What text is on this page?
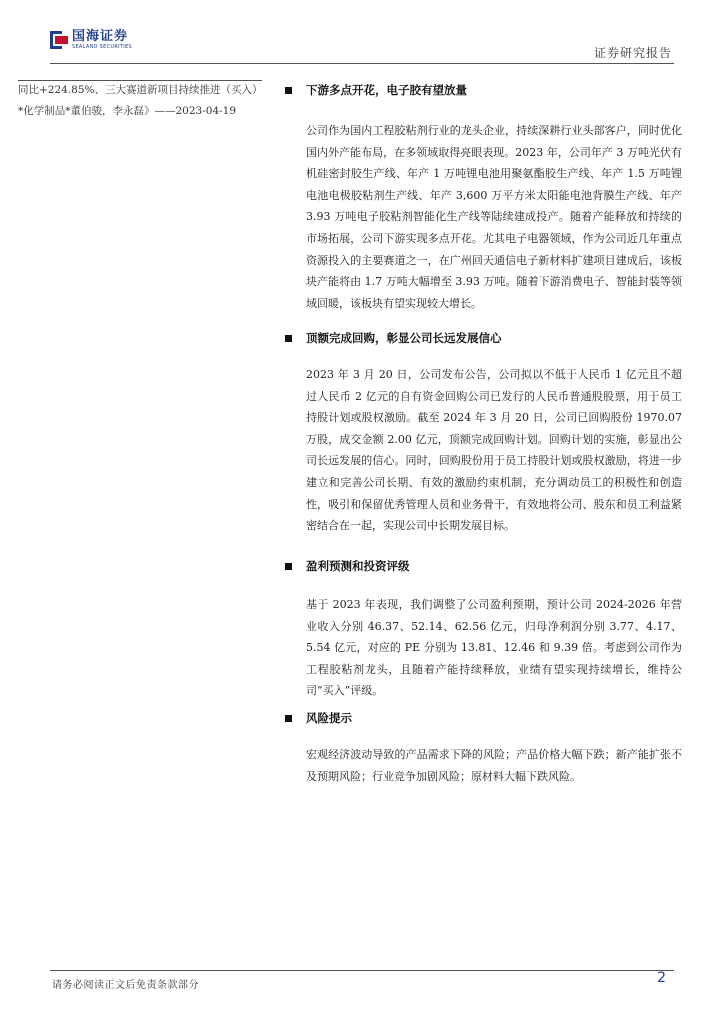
国海证券
SEALAND SECURITIES	证券研究报告
同比+224.85%、三大赛道新项目持续推进（买入）
*化学制品*董伯骏，李永磊》——2023-04-19
下游多点开花，电子胶有望放量
公司作为国内工程胶粘剂行业的龙头企业，持续深耕行业头部客户，同时优化国内外产能布局，在多领域取得亮眼表现。2023 年，公司年产 3 万吨光伏有机硅密封胶生产线、年产 1 万吨锂电池用聚氨酯胶生产线、年产 1.5 万吨锂电池电极胶粘剂生产线、年产 3,600 万平方米太阳能电池背膜生产线、年产 3.93 万吨电子胶粘剂智能化生产线等陆续建成投产。随着产能释放和持续的市场拓展，公司下游实现多点开花。尤其电子电器领域，作为公司近几年重点资源投入的主要赛道之一，在广州回天通信电子新材料扩建项目建成后，该板块产能将由 1.7 万吨大幅增至 3.93 万吨。随着下游消费电子、智能封装等领域回暖，该板块有望实现较大增长。
顶额完成回购，彰显公司长远发展信心
2023 年 3 月 20 日，公司发布公告，公司拟以不低于人民币 1 亿元且不超过人民币 2 亿元的自有资金回购公司已发行的人民币普通股股票，用于员工持股计划或股权激励。截至 2024 年 3 月 20 日，公司已回购股份 1970.07 万股，成交金额 2.00 亿元，顶额完成回购计划。回购计划的实施，彰显出公司长远发展的信心。同时，回购股份用于员工持股计划或股权激励，将进一步建立和完善公司长期、有效的激励约束机制，充分调动员工的积极性和创造性，吸引和保留优秀管理人员和业务骨干，有效地将公司、股东和员工利益紧密结合在一起，实现公司中长期发展目标。
盈利预测和投资评级
基于 2023 年表现，我们调整了公司盈利预期，预计公司 2024-2026 年营业收入分别 46.37、52.14、62.56 亿元，归母净利润分别 3.77、4.17、5.54 亿元，对应的 PE 分别为 13.81、12.46 和 9.39 倍。考虑到公司作为工程胶粘剂龙头，且随着产能持续释放，业绩有望实现持续增长，维持公司“买入”评级。
风险提示
宏观经济波动导致的产品需求下降的风险；产品价格大幅下跌；新产能扩张不及预期风险；行业竞争加剧风险；原材料大幅下跌风险。
请务必阅读正文后免责条款部分	2
